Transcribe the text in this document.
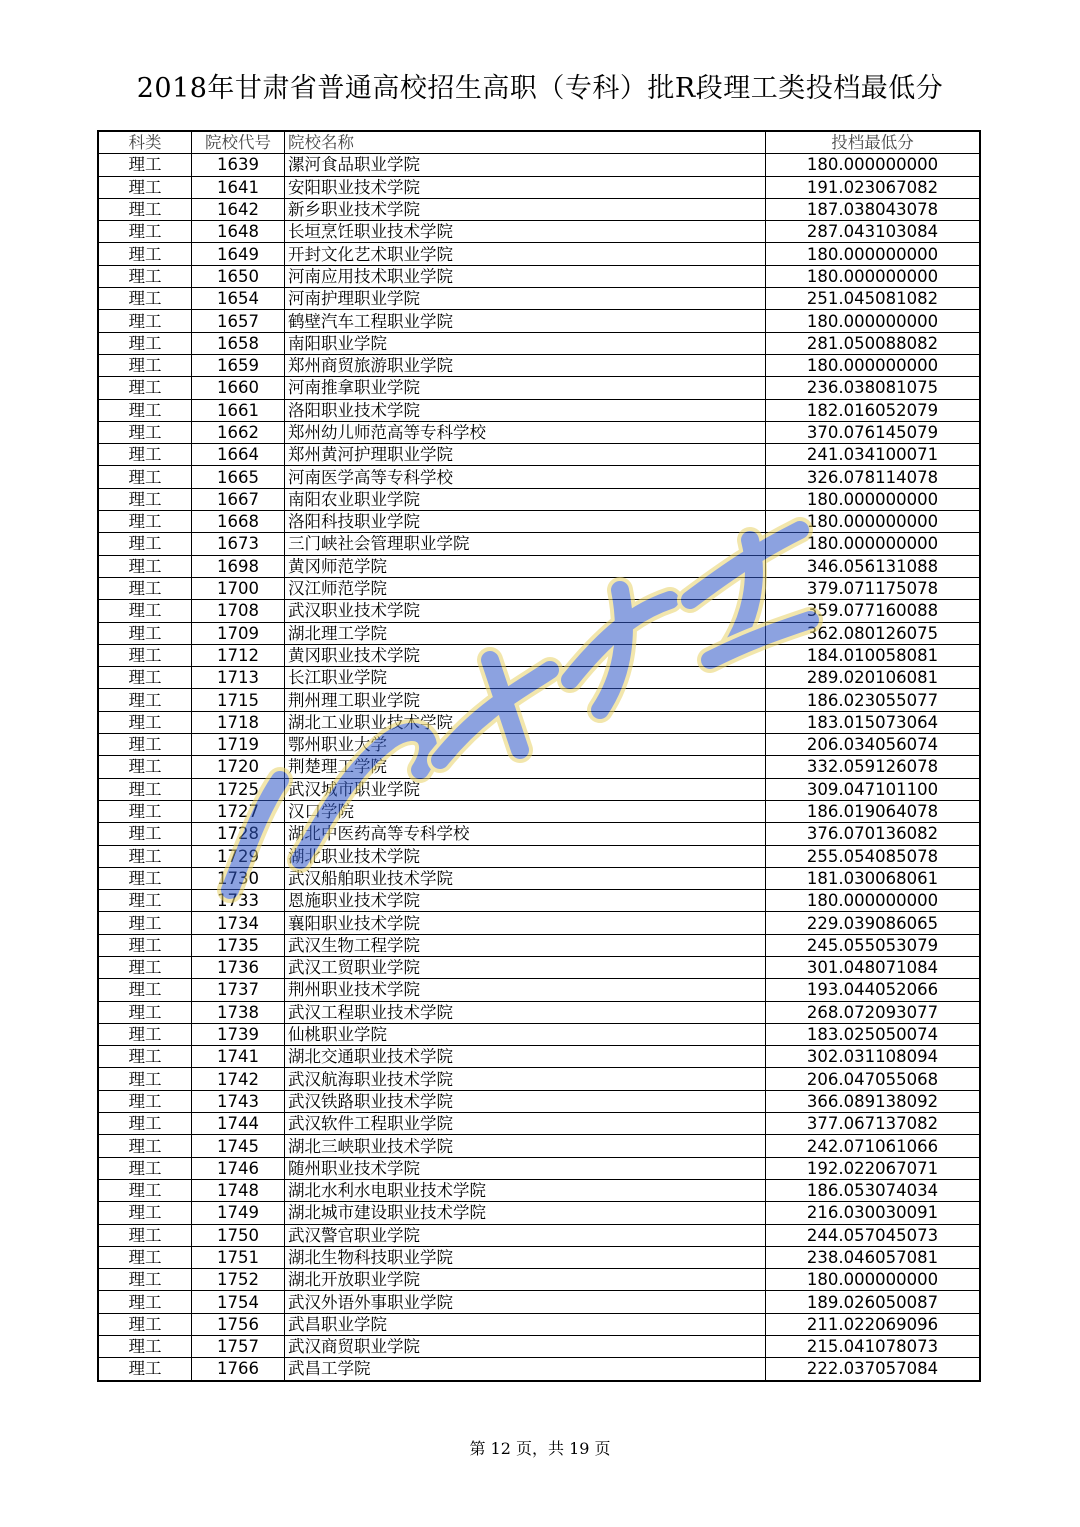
2018年甘肃省普通高校招生高职（专科）批R段理工类投档最低分
科类	院校代号	院校名称	投档最低分
理工	1639	漯河食品职业学院	180.000000000
理工	1641	安阳职业技术学院	191.023067082
理工	1642	新乡职业技术学院	187.038043078
理工	1648	长垣烹饪职业技术学院	287.043103084
理工	1649	开封文化艺术职业学院	180.000000000
理工	1650	河南应用技术职业学院	180.000000000
理工	1654	河南护理职业学院	251.045081082
理工	1657	鹤壁汽车工程职业学院	180.000000000
理工	1658	南阳职业学院	281.050088082
理工	1659	郑州商贸旅游职业学院	180.000000000
理工	1660	河南推拿职业学院	236.038081075
理工	1661	洛阳职业技术学院	182.016052079
理工	1662	郑州幼儿师范高等专科学校	370.076145079
理工	1664	郑州黄河护理职业学院	241.034100071
理工	1665	河南医学高等专科学校	326.078114078
理工	1667	南阳农业职业学院	180.000000000
理工	1668	洛阳科技职业学院	180.000000000
理工	1673	三门峡社会管理职业学院	180.000000000
理工	1698	黄冈师范学院	346.056131088
理工	1700	汉江师范学院	379.071175078
理工	1708	武汉职业技术学院	359.077160088
理工	1709	湖北理工学院	362.080126075
理工	1712	黄冈职业技术学院	184.010058081
理工	1713	长江职业学院	289.020106081
理工	1715	荆州理工职业学院	186.023055077
理工	1718	湖北工业职业技术学院	183.015073064
理工	1719	鄂州职业大学	206.034056074
理工	1720	荆楚理工学院	332.059126078
理工	1725	武汉城市职业学院	309.047101100
理工	1727	汉口学院	186.019064078
理工	1728	湖北中医药高等专科学校	376.070136082
理工	1729	湖北职业技术学院	255.054085078
理工	1730	武汉船舶职业技术学院	181.030068061
理工	1733	恩施职业技术学院	180.000000000
理工	1734	襄阳职业技术学院	229.039086065
理工	1735	武汉生物工程学院	245.055053079
理工	1736	武汉工贸职业学院	301.048071084
理工	1737	荆州职业技术学院	193.044052066
理工	1738	武汉工程职业技术学院	268.072093077
理工	1739	仙桃职业学院	183.025050074
理工	1741	湖北交通职业技术学院	302.031108094
理工	1742	武汉航海职业技术学院	206.047055068
理工	1743	武汉铁路职业技术学院	366.089138092
理工	1744	武汉软件工程职业学院	377.067137082
理工	1745	湖北三峡职业技术学院	242.071061066
理工	1746	随州职业技术学院	192.022067071
理工	1748	湖北水利水电职业技术学院	186.053074034
理工	1749	湖北城市建设职业技术学院	216.030030091
理工	1750	武汉警官职业学院	244.057045073
理工	1751	湖北生物科技职业学院	238.046057081
理工	1752	湖北开放职业学院	180.000000000
理工	1754	武汉外语外事职业学院	189.026050087
理工	1756	武昌职业学院	211.022069096
理工	1757	武汉商贸职业学院	215.041078073
理工	1766	武昌工学院	222.037057084
第 12 页，共 19 页
